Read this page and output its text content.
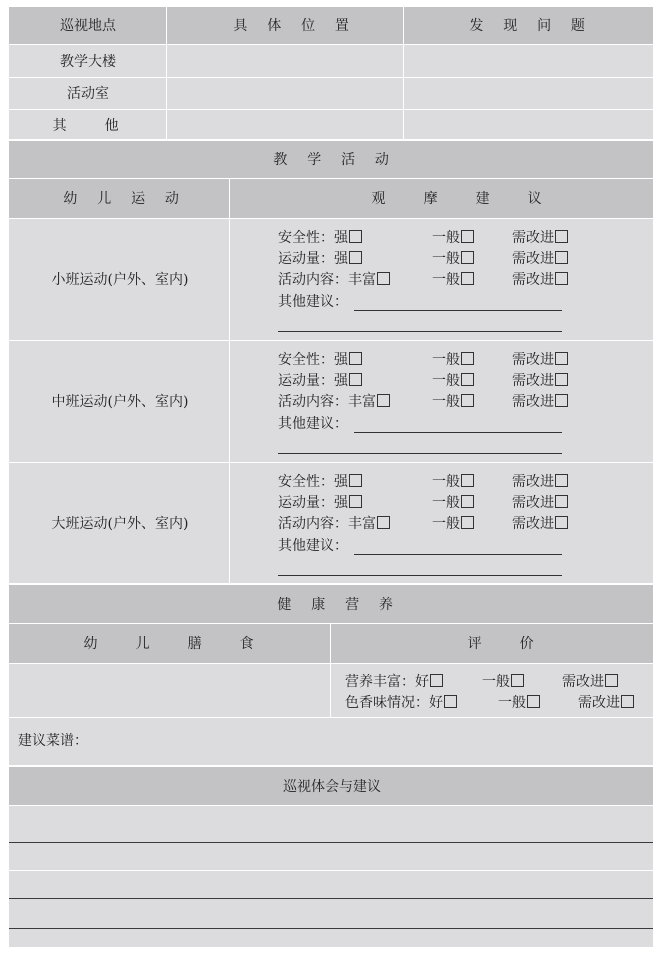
巡视地点	具 体 位 置	发 现 问 题
教学大楼
活动室
其 他
教 学 活 动
幼 儿 运 动	观 摩 建 议
小班运动(户外、室内)
安全性：强	一般	需改进
运动量：强	一般	需改进
活动内容：丰富	一般	需改进
其他建议：
中班运动(户外、室内)
安全性：强	一般	需改进
运动量：强	一般	需改进
活动内容：丰富	一般	需改进
其他建议：
大班运动(户外、室内)
安全性：强	一般	需改进
运动量：强	一般	需改进
活动内容：丰富	一般	需改进
其他建议：
健 康 营 养
幼 儿 膳 食	评 价
营养丰富：好	一般	需改进
色香味情况：好	一般	需改进
建议菜谱：
巡视体会与建议
